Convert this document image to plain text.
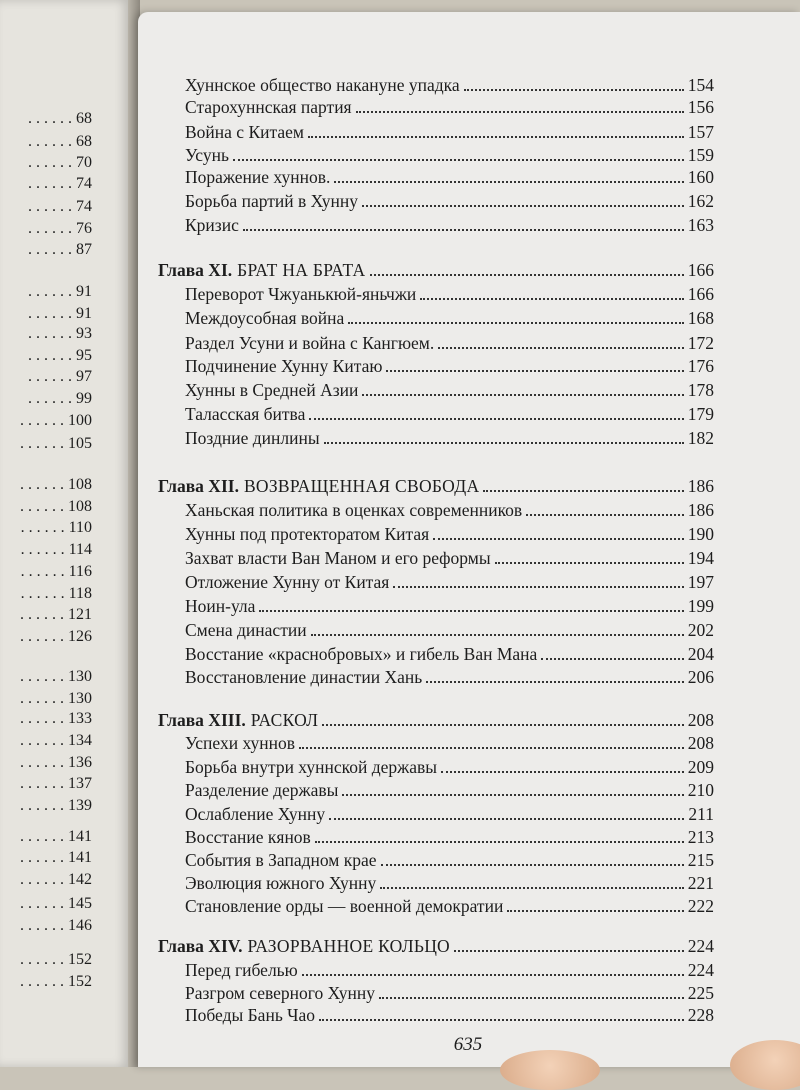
. . . . . . 68
. . . . . . 68
. . . . . . 70
. . . . . . 74
. . . . . . 74
. . . . . . 76
. . . . . . 87
. . . . . . 91
. . . . . . 91
. . . . . . 93
. . . . . . 95
. . . . . . 97
. . . . . . 99
. . . . . . 100
. . . . . . 105
. . . . . . 108
. . . . . . 108
. . . . . . 110
. . . . . . 114
. . . . . . 116
. . . . . . 118
. . . . . . 121
. . . . . . 126
. . . . . . 130
. . . . . . 130
. . . . . . 133
. . . . . . 134
. . . . . . 136
. . . . . . 137
. . . . . . 139
. . . . . . 141
. . . . . . 141
. . . . . . 142
. . . . . . 145
. . . . . . 146
. . . . . . 152
. . . . . . 152
635
Хуннское общество накануне упадка	154
Старохуннская партия	156
Война с Китаем	157
Усунь	159
Поражение хуннов.	160
Борьба партий в Хунну	162
Кризис	163
Глава XI. БРАТ НА БРАТА	166
Переворот Чжуанькюй-яньчжи	166
Междоусобная война	168
Раздел Усуни и война с Кангюем.	172
Подчинение Хунну Китаю	176
Хунны в Средней Азии	178
Таласская битва	179
Поздние динлины	182
Глава XII. ВОЗВРАЩЕННАЯ СВОБОДА	186
Ханьская политика в оценках современников	186
Хунны под протекторатом Китая	190
Захват власти Ван Маном и его реформы	194
Отложение Хунну от Китая	197
Ноин-ула	199
Смена династии	202
Восстание «краснобровых» и гибель Ван Мана	204
Восстановление династии Хань	206
Глава XIII. РАСКОЛ	208
Успехи хуннов	208
Борьба внутри хуннской державы	209
Разделение державы	210
Ослабление Хунну	211
Восстание кянов	213
События в Западном крае	215
Эволюция южного Хунну	221
Становление орды — военной демократии	222
Глава XIV. РАЗОРВАННОЕ КОЛЬЦО	224
Перед гибелью	224
Разгром северного Хунну	225
Победы Бань Чао	228
